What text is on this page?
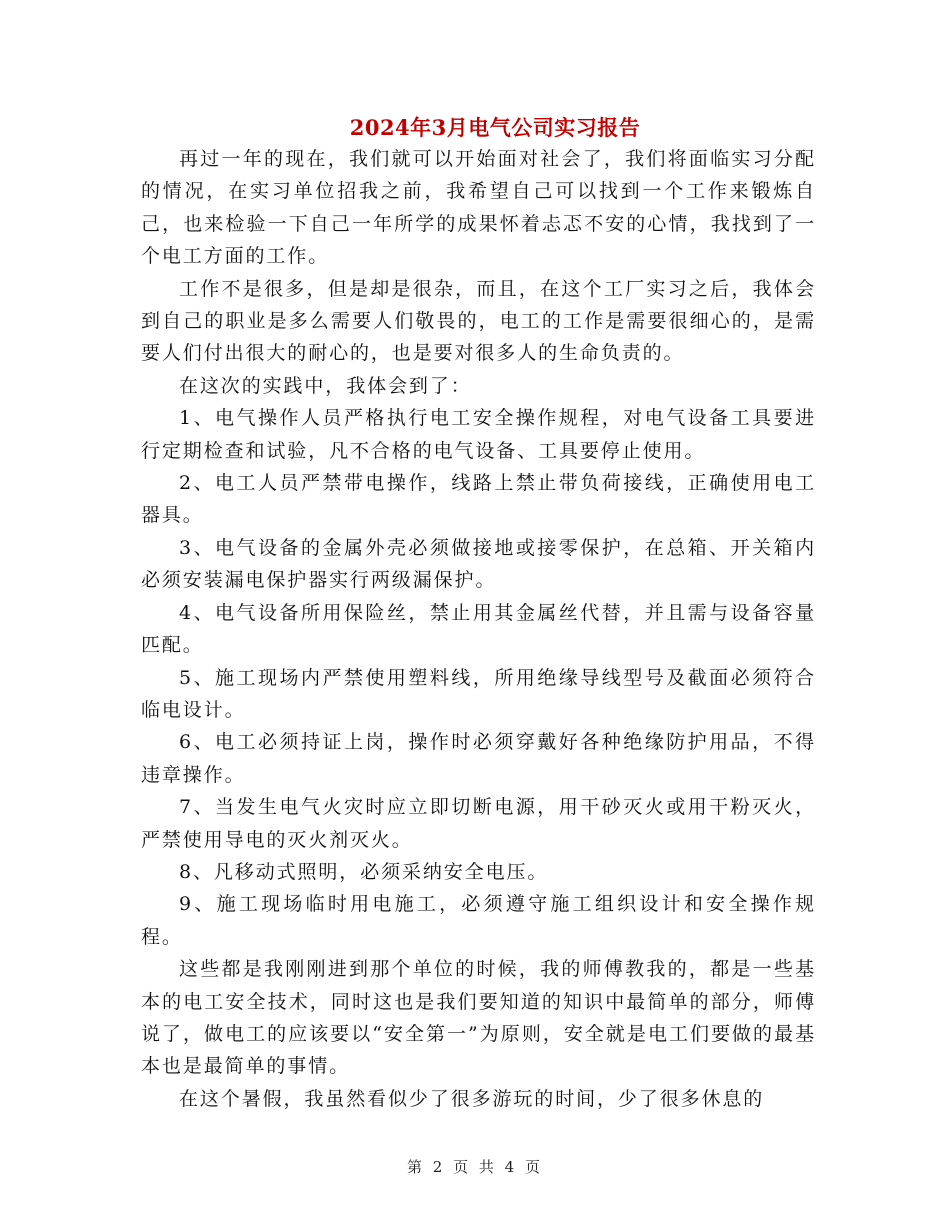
2024年3月电气公司实习报告

再过一年的现在，我们就可以开始面对社会了，我们将面临实习分配的情况，在实习单位招我之前，我希望自己可以找到一个工作来锻炼自己，也来检验一下自己一年所学的成果怀着忐忑不安的心情，我找到了一个电工方面的工作。

工作不是很多，但是却是很杂，而且，在这个工厂实习之后，我体会到自己的职业是多么需要人们敬畏的，电工的工作是需要很细心的，是需要人们付出很大的耐心的，也是要对很多人的生命负责的。

在这次的实践中，我体会到了：

1、电气操作人员严格执行电工安全操作规程，对电气设备工具要进行定期检查和试验，凡不合格的电气设备、工具要停止使用。

2、电工人员严禁带电操作，线路上禁止带负荷接线，正确使用电工器具。

3、电气设备的金属外壳必须做接地或接零保护，在总箱、开关箱内必须安装漏电保护器实行两级漏保护。

4、电气设备所用保险丝，禁止用其金属丝代替，并且需与设备容量匹配。

5、施工现场内严禁使用塑料线，所用绝缘导线型号及截面必须符合临电设计。

6、电工必须持证上岗，操作时必须穿戴好各种绝缘防护用品，不得违章操作。

7、当发生电气火灾时应立即切断电源，用干砂灭火或用干粉灭火，严禁使用导电的灭火剂灭火。

8、凡移动式照明，必须采纳安全电压。

9、施工现场临时用电施工，必须遵守施工组织设计和安全操作规程。

这些都是我刚刚进到那个单位的时候，我的师傅教我的，都是一些基本的电工安全技术，同时这也是我们要知道的知识中最简单的部分，师傅说了，做电工的应该要以“安全第一”为原则，安全就是电工们要做的最基本也是最简单的事情。

在这个暑假，我虽然看似少了很多游玩的时间，少了很多休息的

第 2 页 共 4 页
